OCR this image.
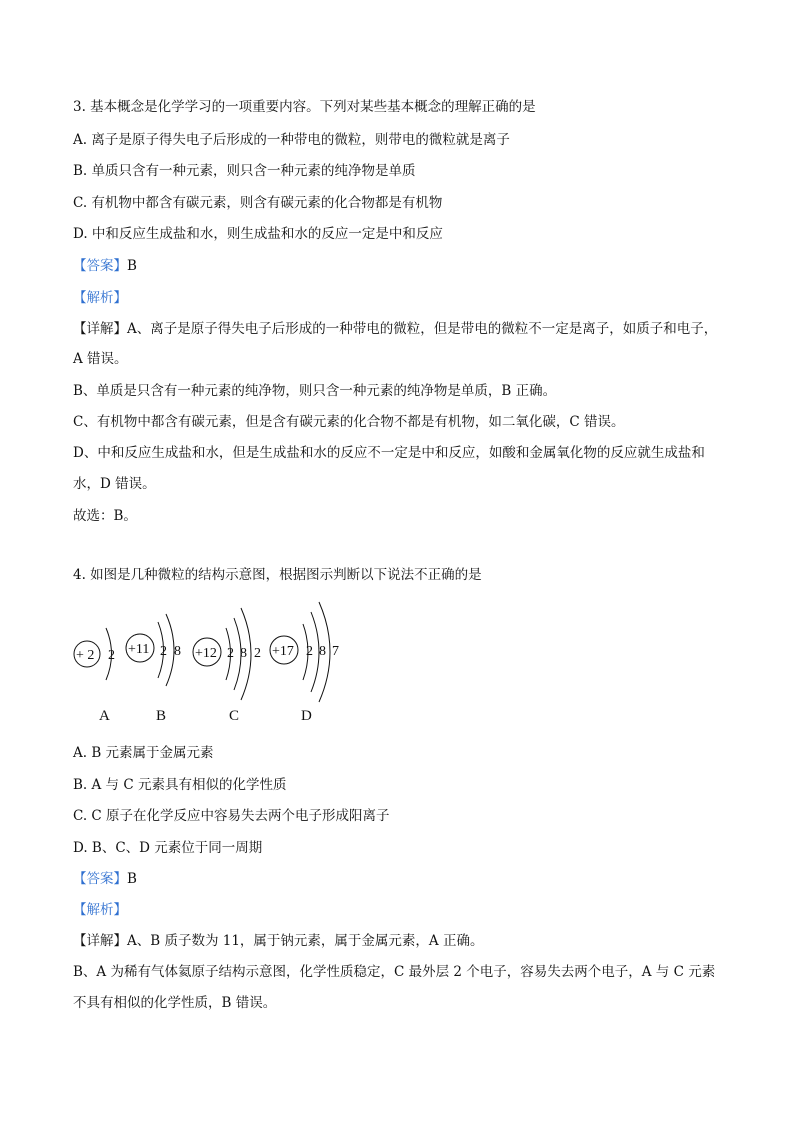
3. 基本概念是化学学习的一项重要内容。下列对某些基本概念的理解正确的是
A. 离子是原子得失电子后形成的一种带电的微粒，则带电的微粒就是离子
B. 单质只含有一种元素，则只含一种元素的纯净物是单质
C. 有机物中都含有碳元素，则含有碳元素的化合物都是有机物
D. 中和反应生成盐和水，则生成盐和水的反应一定是中和反应
【答案】B
【解析】
【详解】A、离子是原子得失电子后形成的一种带电的微粒，但是带电的微粒不一定是离子，如质子和电子，
A 错误。
B、单质是只含有一种元素的纯净物，则只含一种元素的纯净物是单质，B 正确。
C、有机物中都含有碳元素，但是含有碳元素的化合物不都是有机物，如二氧化碳，C 错误。
D、中和反应生成盐和水，但是生成盐和水的反应不一定是中和反应，如酸和金属氧化物的反应就生成盐和
水，D 错误。
故选：B。
4. 如图是几种微粒的结构示意图，根据图示判断以下说法不正确的是
+ 2 2
A
+11 2 8
B
+12 2 8 2
C
+17 2 8 7
D
A. B 元素属于金属元素
B. A 与 C 元素具有相似的化学性质
C. C 原子在化学反应中容易失去两个电子形成阳离子
D. B、C、D 元素位于同一周期
【答案】B
【解析】
【详解】A、B 质子数为 11，属于钠元素，属于金属元素，A 正确。
B、A 为稀有气体氦原子结构示意图，化学性质稳定，C 最外层 2 个电子，容易失去两个电子，A 与 C 元素
不具有相似的化学性质，B 错误。
